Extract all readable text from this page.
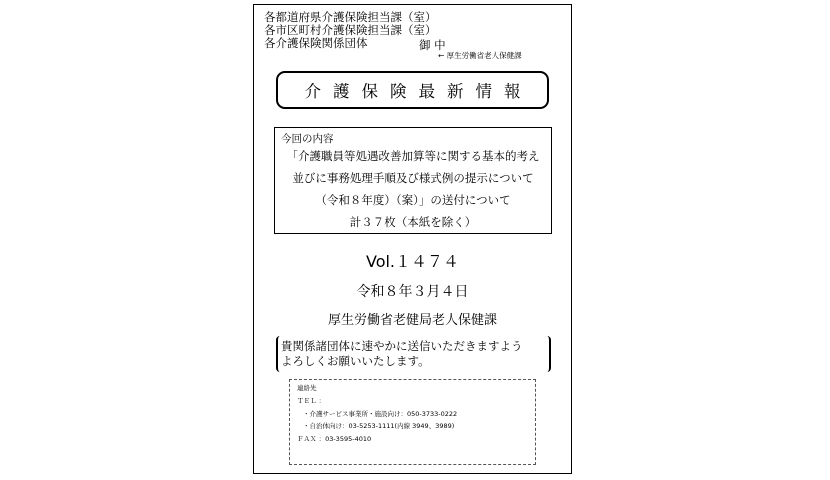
各都道府県介護保険担当課（室）
各市区町村介護保険担当課（室）
各介護保険関係団体	御 中
← 厚生労働省老人保健課
介護保険最新情報
今回の内容
「介護職員等処遇改善加算等に関する基本的考え
並びに事務処理手順及び様式例の提示について
（令和８年度）（案）」の送付について
計３７枚（本紙を除く）
Vol.１４７４
令和８年３月４日
厚生労働省老健局老人保健課
貴関係諸団体に速やかに送信いただきますよう
よろしくお願いいたします。
連絡先
ＴＥＬ ：
・介護サービス事業所・施設向け：050-3733-0222
・自治体向け：03-5253-1111(内線 3949、3989)
ＦＡＸ ：03-3595-4010
